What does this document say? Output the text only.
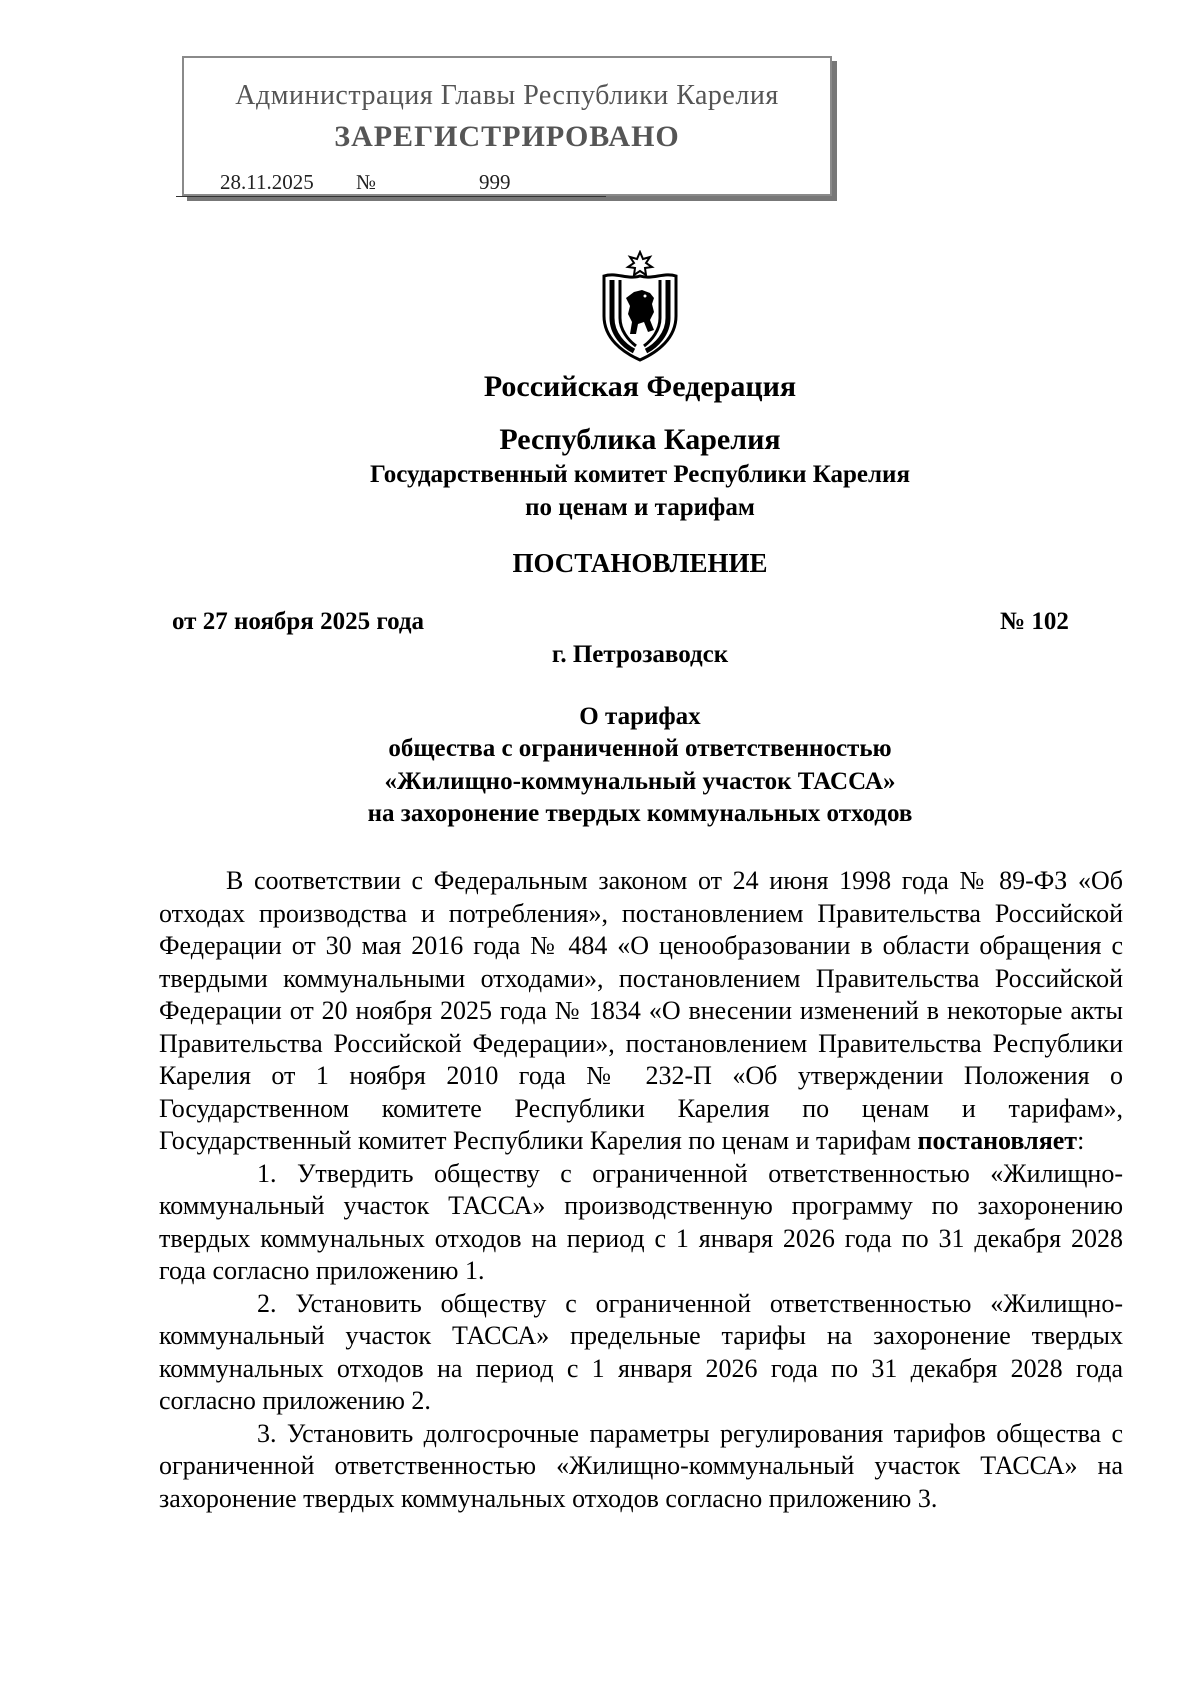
Администрация Главы Республики Карелия
ЗАРЕГИСТРИРОВАНО
28.11.2025 №	999
Российская Федерация
Республика Карелия
Государственный комитет Республики Карелия
по ценам и тарифам
ПОСТАНОВЛЕНИЕ
от 27 ноября 2025 года	№ 102
г. Петрозаводск
О тарифах
общества с ограниченной ответственностью
«Жилищно-коммунальный участок ТАССА»
на захоронение твердых коммунальных отходов

В соответствии с Федеральным законом от 24 июня 1998 года № 89-ФЗ «Об отходах производства и потребления», постановлением Правительства Российской Федерации от 30 мая 2016 года № 484 «О ценообразовании в области обращения с твердыми коммунальными отходами», постановлением Правительства Российской Федерации от 20 ноября 2025 года № 1834 «О внесении изменений в некоторые акты Правительства Российской Федерации», постановлением Правительства Республики Карелия от 1 ноября 2010 года № 232-П «Об утверждении Положения о Государственном комитете Республики Карелия по ценам и тарифам», Государственный комитет Республики Карелия по ценам и тарифам постановляет:

1. Утвердить обществу с ограниченной ответственностью «Жилищно-коммунальный участок ТАССА» производственную программу по захоронению твердых коммунальных отходов на период с 1 января 2026 года по 31 декабря 2028 года согласно приложению 1.

2. Установить обществу с ограниченной ответственностью «Жилищно-коммунальный участок ТАССА» предельные тарифы на захоронение твердых коммунальных отходов на период с 1 января 2026 года по 31 декабря 2028 года согласно приложению 2.

3. Установить долгосрочные параметры регулирования тарифов общества с ограниченной ответственностью «Жилищно-коммунальный участок ТАССА» на захоронение твердых коммунальных отходов согласно приложению 3.
